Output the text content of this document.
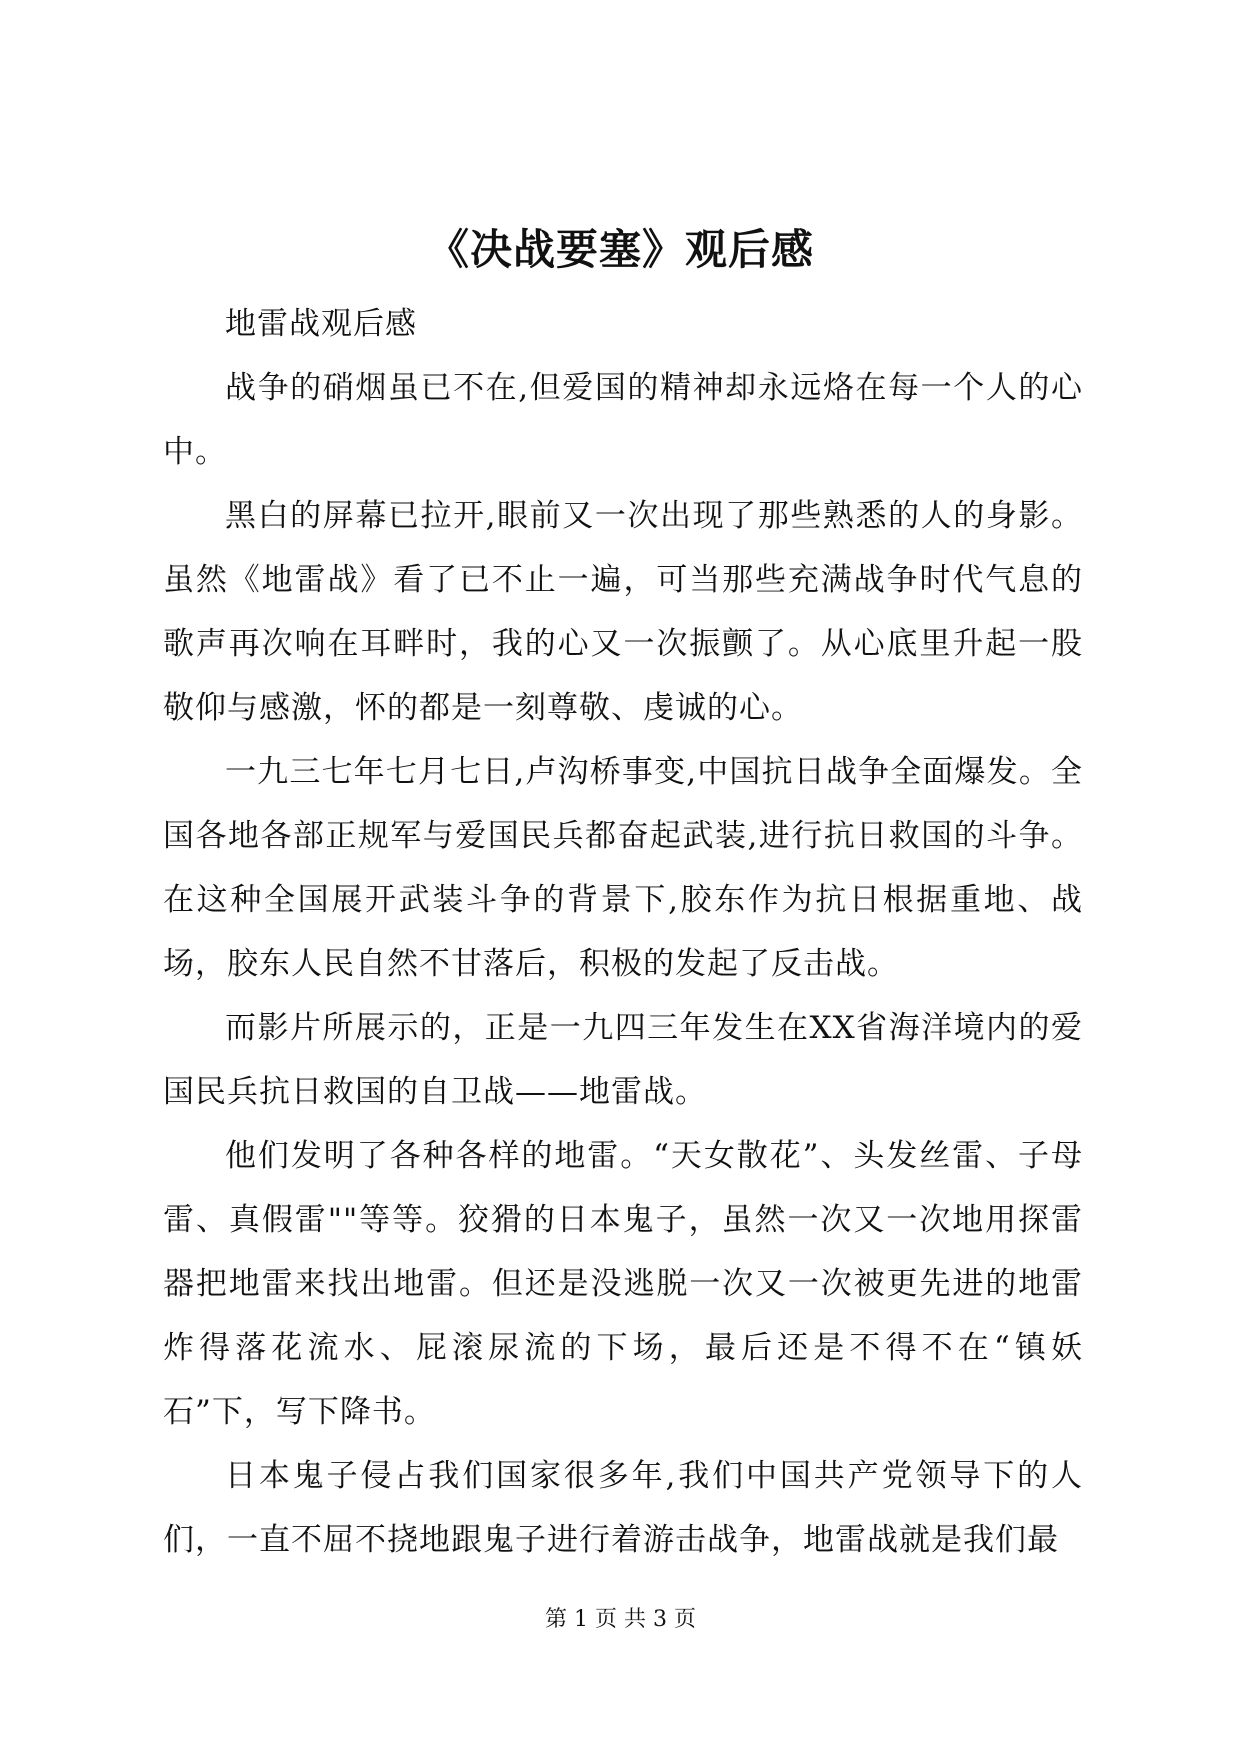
《决战要塞》观后感

地雷战观后感

战争的硝烟虽已不在,但爱国的精神却永远烙在每一个人的心中。

黑白的屏幕已拉开,眼前又一次出现了那些熟悉的人的身影。虽然《地雷战》看了已不止一遍，可当那些充满战争时代气息的歌声再次响在耳畔时，我的心又一次振颤了。从心底里升起一股敬仰与感激，怀的都是一刻尊敬、虔诚的心。

一九三七年七月七日,卢沟桥事变,中国抗日战争全面爆发。全国各地各部正规军与爱国民兵都奋起武装,进行抗日救国的斗争。在这种全国展开武装斗争的背景下,胶东作为抗日根据重地、战场，胶东人民自然不甘落后，积极的发起了反击战。

而影片所展示的，正是一九四三年发生在XX省海洋境内的爱国民兵抗日救国的自卫战——地雷战。

他们发明了各种各样的地雷。“天女散花”、头发丝雷、子母雷、真假雷""等等。狡猾的日本鬼子，虽然一次又一次地用探雷器把地雷来找出地雷。但还是没逃脱一次又一次被更先进的地雷炸得落花流水、屁滚尿流的下场，最后还是不得不在“镇妖石”下，写下降书。

日本鬼子侵占我们国家很多年,我们中国共产党领导下的人们，一直不屈不挠地跟鬼子进行着游击战争，地雷战就是我们最

第 1 页 共 3 页
